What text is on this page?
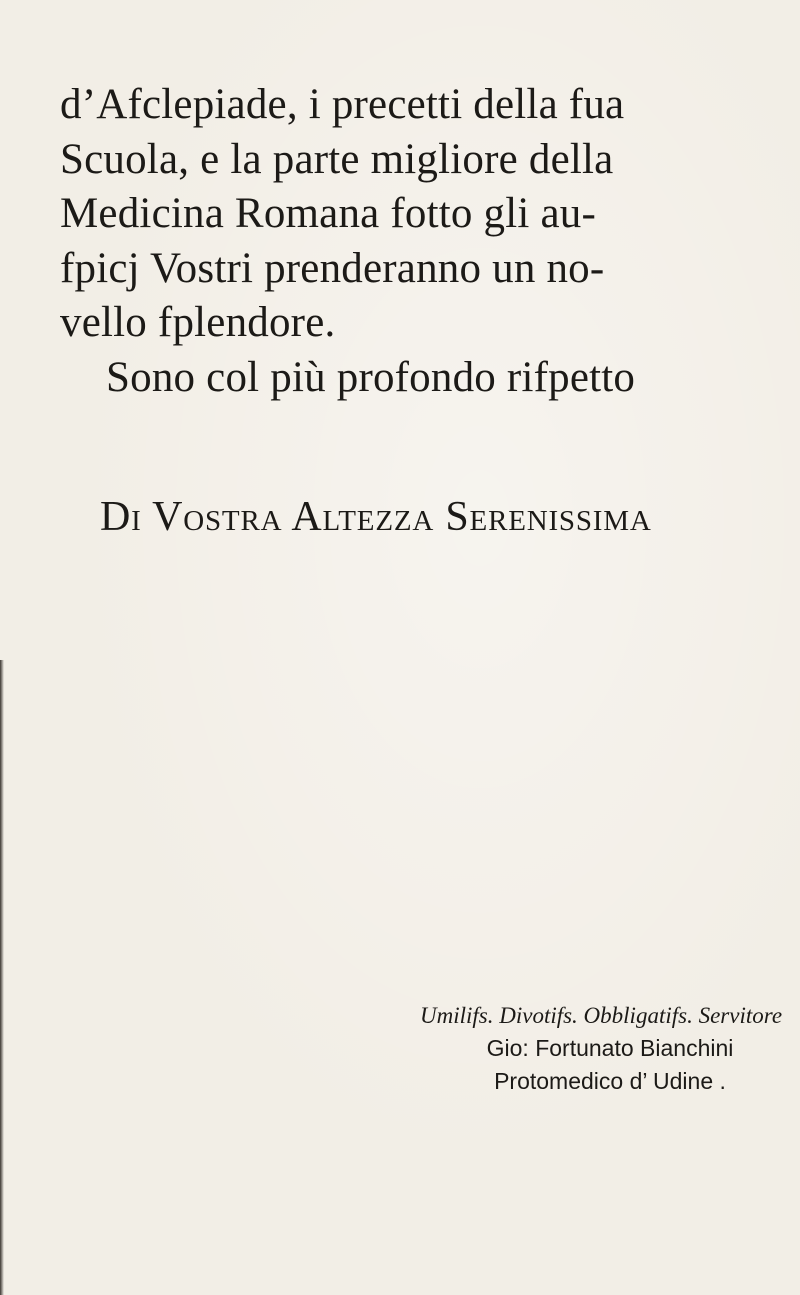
d’Afclepiade, i precetti della fua
Scuola, e la parte migliore della
Medicina Romana fotto gli au-
fpicj Vostri prenderanno un no-
vello fplendore.
Sono col più profondo rifpetto
Di Vostra Altezza Serenissima
Umilifs. Divotifs. Obbligatifs. Servitore
Gio: Fortunato Bianchini
Protomedico d’ Udine .
